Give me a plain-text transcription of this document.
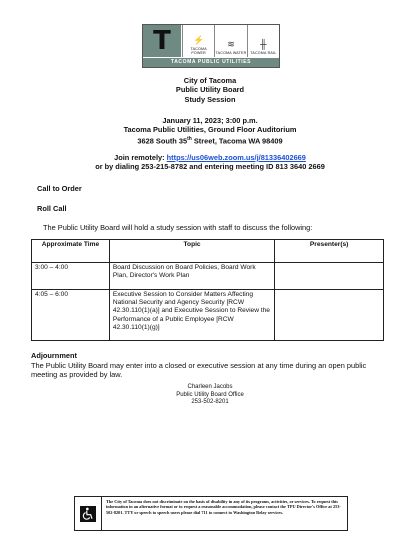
T ⚡
TACOMA POWER
≋
TACOMA WATER
╫
TACOMA RAIL
TACOMA PUBLIC UTILITIES
City of Tacoma
Public Utility Board
Study Session
January 11, 2023; 3:00 p.m.
Tacoma Public Utilities, Ground Floor Auditorium
3628 South 35th Street, Tacoma WA 98409
Join remotely: https://us06web.zoom.us/j/81336402669
or by dialing 253-215-8782 and entering meeting ID 813 3640 2669
Call to Order
Roll Call
The Public Utility Board will hold a study session with staff to discuss the following:
Approximate Time	Topic	Presenter(s)
3:00 – 4:00	Board Discussion on Board Policies, Board Work Plan, Director's Work Plan	
4:05 – 6:00	Executive Session to Consider Matters Affecting National Security and Agency Security [RCW 42.30.110(1)(a)] and Executive Session to Review the Performance of a Public Employee [RCW 42.30.110(1)(g)]	
Adjournment
The Public Utility Board may enter into a closed or executive session at any time during an open public meeting as provided by law.
Charleen Jacobs
Public Utility Board Office
253-502-8201
The City of Tacoma does not discriminate on the basis of disability in any of its programs, activities, or services. To request this information in an alternative format or to request a reasonable accommodation, please contact the TPU Director's Office at 253-502-8201. TTY or speech to speech users please dial 711 to connect to Washington Relay services.
